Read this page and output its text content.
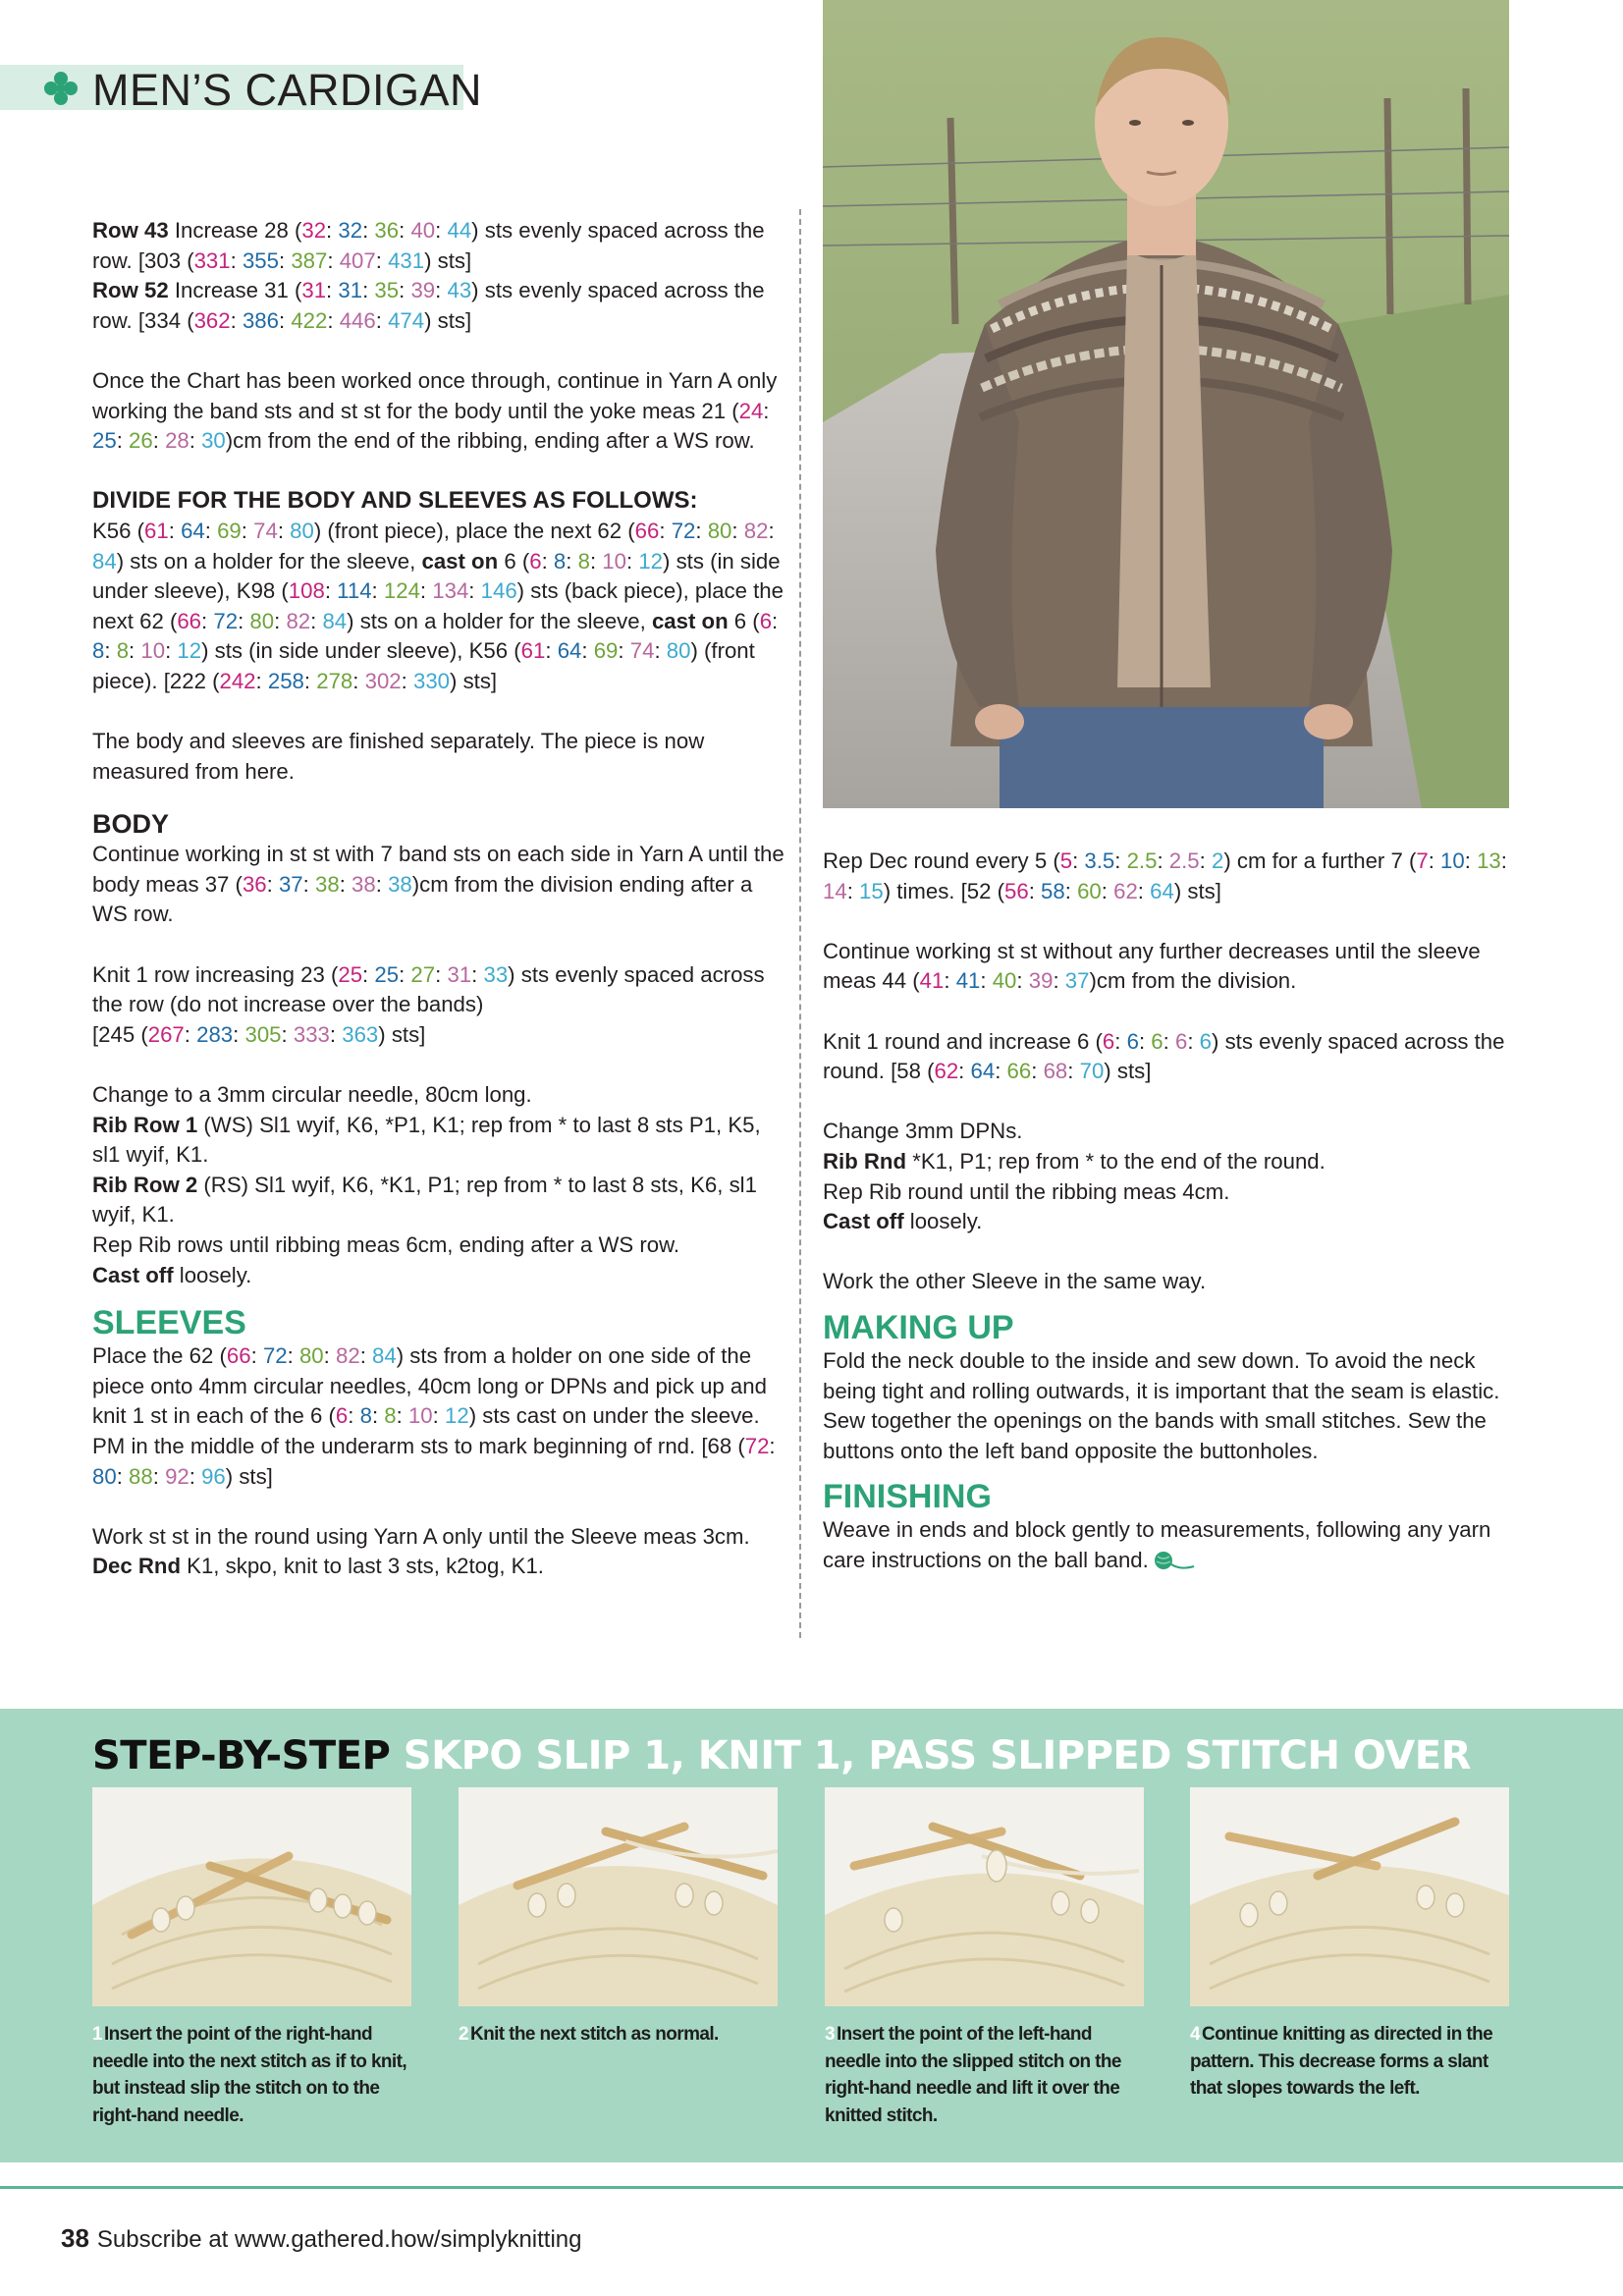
MEN’S CARDIGAN

Row 43 Increase 28 (32: 32: 36: 40: 44) sts evenly spaced across the row. [303 (331: 355: 387: 407: 431) sts]

Row 52 Increase 31 (31: 31: 35: 39: 43) sts evenly spaced across the row. [334 (362: 386: 422: 446: 474) sts]

Once the Chart has been worked once through, continue in Yarn A only working the band sts and st st for the body until the yoke meas 21 (24: 25: 26: 28: 30)cm from the end of the ribbing, ending after a WS row.

DIVIDE FOR THE BODY AND SLEEVES AS FOLLOWS:

K56 (61: 64: 69: 74: 80) (front piece), place the next 62 (66: 72: 80: 82: 84) sts on a holder for the sleeve, cast on 6 (6: 8: 8: 10: 12) sts (in side under sleeve), K98 (108: 114: 124: 134: 146) sts (back piece), place the next 62 (66: 72: 80: 82: 84) sts on a holder for the sleeve, cast on 6 (6: 8: 8: 10: 12) sts (in side under sleeve), K56 (61: 64: 69: 74: 80) (front piece). [222 (242: 258: 278: 302: 330) sts]

The body and sleeves are finished separately. The piece is now measured from here.

BODY

Continue working in st st with 7 band sts on each side in Yarn A until the body meas 37 (36: 37: 38: 38: 38)cm from the division ending after a WS row.

Knit 1 row increasing 23 (25: 25: 27: 31: 33) sts evenly spaced across the row (do not increase over the bands)
[245 (267: 283: 305: 333: 363) sts]

Change to a 3mm circular needle, 80cm long.

Rib Row 1 (WS) Sl1 wyif, K6, *P1, K1; rep from * to last 8 sts P1, K5, sl1 wyif, K1.

Rib Row 2 (RS) Sl1 wyif, K6, *K1, P1; rep from * to last 8 sts, K6, sl1 wyif, K1.

Rep Rib rows until ribbing meas 6cm, ending after a WS row.

Cast off loosely.

SLEEVES

Place the 62 (66: 72: 80: 82: 84) sts from a holder on one side of the piece onto 4mm circular needles, 40cm long or DPNs and pick up and knit 1 st in each of the 6 (6: 8: 8: 10: 12) sts cast on under the sleeve. PM in the middle of the underarm sts to mark beginning of rnd. [68 (72: 80: 88: 92: 96) sts]

Work st st in the round using Yarn A only until the Sleeve meas 3cm.

Dec Rnd K1, skpo, knit to last 3 sts, k2tog, K1.

Rep Dec round every 5 (5: 3.5: 2.5: 2.5: 2) cm for a further 7 (7: 10: 13: 14: 15) times. [52 (56: 58: 60: 62: 64) sts]

Continue working st st without any further decreases until the sleeve meas 44 (41: 41: 40: 39: 37)cm from the division.

Knit 1 round and increase 6 (6: 6: 6: 6: 6) sts evenly spaced across the round. [58 (62: 64: 66: 68: 70) sts]

Change 3mm DPNs.

Rib Rnd *K1, P1; rep from * to the end of the round.

Rep Rib round until the ribbing meas 4cm.

Cast off loosely.

Work the other Sleeve in the same way.

MAKING UP

Fold the neck double to the inside and sew down. To avoid the neck being tight and rolling outwards, it is important that the seam is elastic. Sew together the openings on the bands with small stitches. Sew the buttons onto the left band opposite the buttonholes.

FINISHING

Weave in ends and block gently to measurements, following any yarn care instructions on the ball band.

STEP-BY-STEP SKPO SLIP 1, KNIT 1, PASS SLIPPED STITCH OVER
1 Insert the point of the right-hand needle into the next stitch as if to knit, but instead slip the stitch on to the right-hand needle.
2 Knit the next stitch as normal.	3 Insert the point of the left-hand needle into the slipped stitch on the right-hand needle and lift it over the knitted stitch.
4 Continue knitting as directed in the pattern. This decrease forms a slant that slopes towards the left.
38 Subscribe at www.gathered.how/simplyknitting
